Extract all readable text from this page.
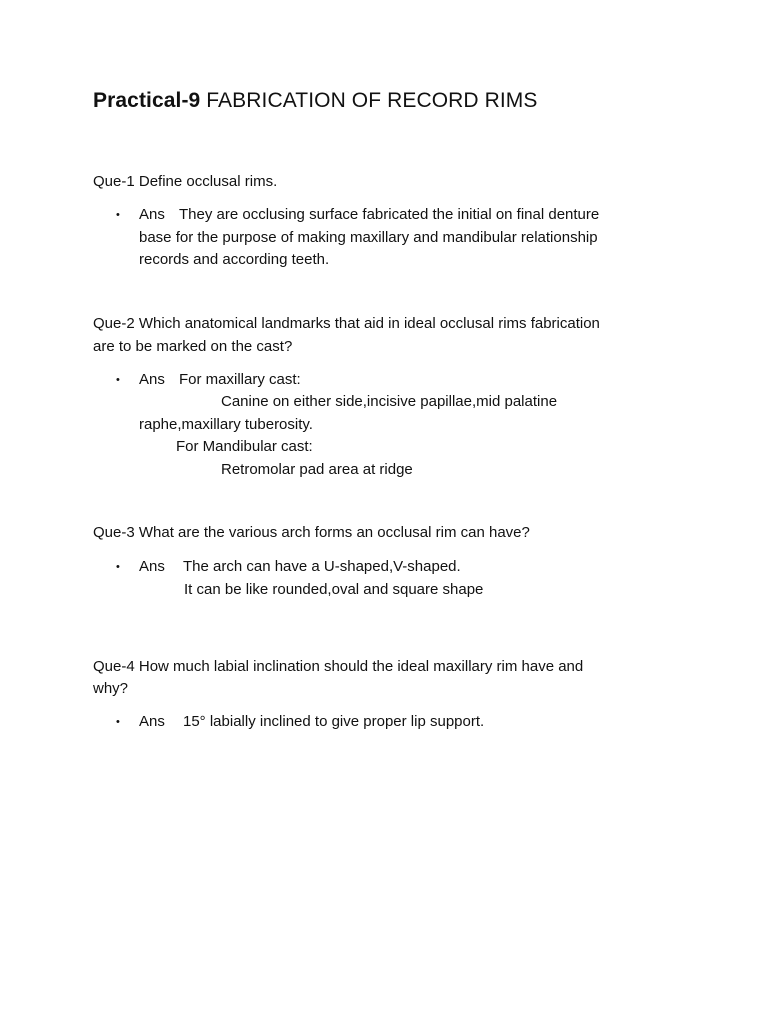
Practical-9 FABRICATION OF RECORD RIMS
Que-1 Define occlusal rims.
• Ans They are occlusing surface fabricated the initial on final denture
base for the purpose of making maxillary and mandibular relationship
records and according teeth.
Que-2 Which anatomical landmarks that aid in ideal occlusal rims fabrication
are to be marked on the cast?
• Ans For maxillary cast:
Canine on either side,incisive papillae,mid palatine
raphe,maxillary tuberosity.
For Mandibular cast:
Retromolar pad area at ridge
Que-3 What are the various arch forms an occlusal rim can have?
• Ans The arch can have a U-shaped,V-shaped.
It can be like rounded,oval and square shape
Que-4 How much labial inclination should the ideal maxillary rim have and
why?
• Ans 15° labially inclined to give proper lip support.
